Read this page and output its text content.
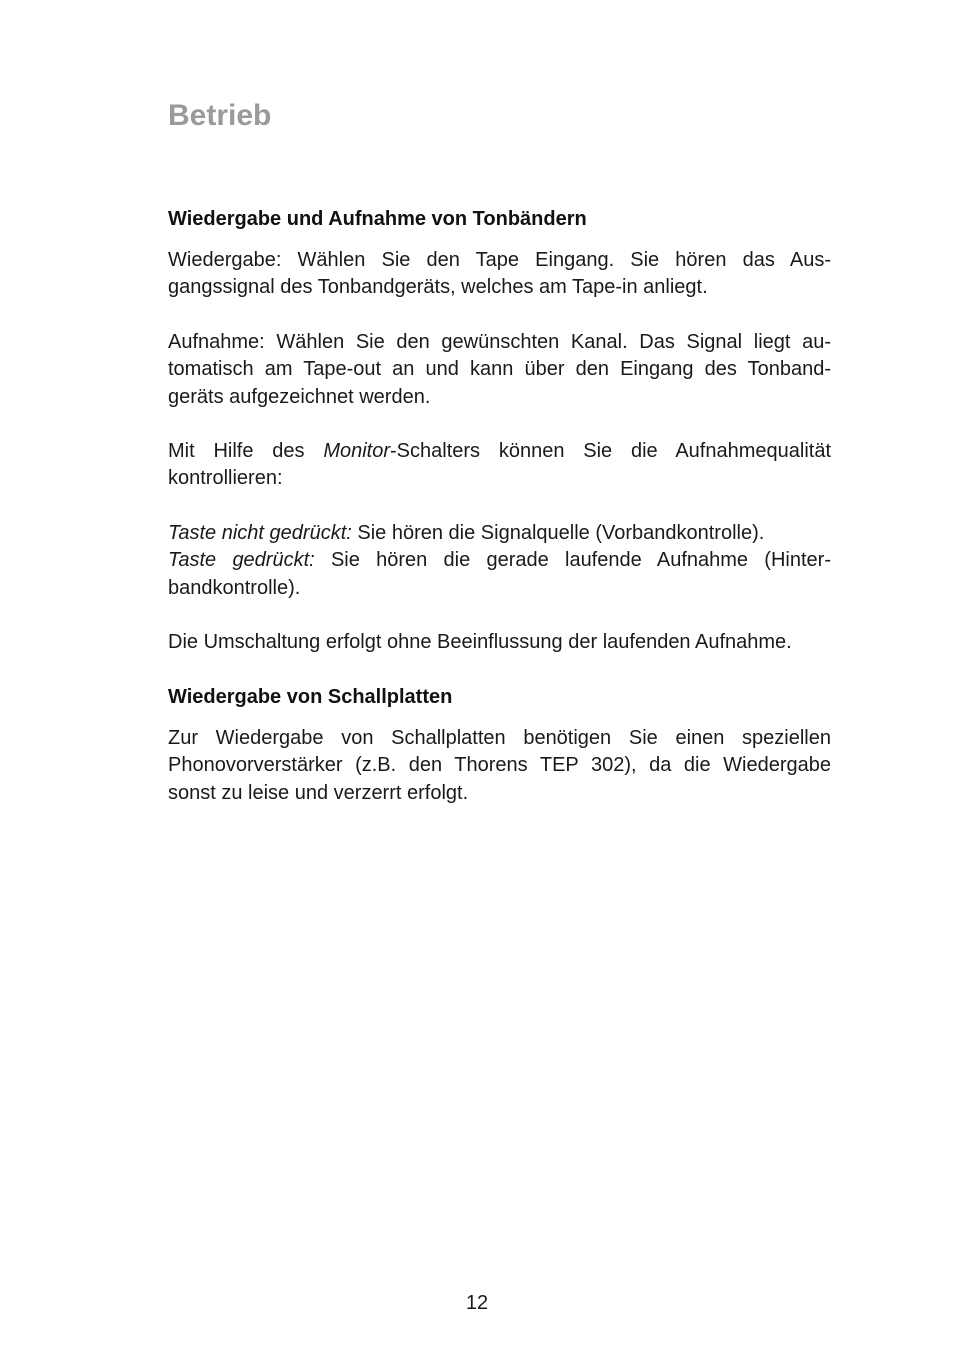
Betrieb
Wiedergabe und Aufnahme von Tonbändern

Wiedergabe: Wählen Sie den Tape Eingang. Sie hören das Aus-
gangssignal des Tonbandgeräts, welches am Tape-in anliegt.

Aufnahme: Wählen Sie den gewünschten Kanal. Das Signal liegt au-
tomatisch am Tape-out an und kann über den Eingang des Tonband-
geräts aufgezeichnet werden.

Mit Hilfe des Monitor-Schalters können Sie die Aufnahmequalität
kontrollieren:

Taste nicht gedrückt: Sie hören die Signalquelle (Vorbandkontrolle).
Taste gedrückt: Sie hören die gerade laufende Aufnahme (Hinter-
bandkontrolle).

Die Umschaltung erfolgt ohne Beeinflussung der laufenden Aufnahme.

Wiedergabe von Schallplatten

Zur Wiedergabe von Schallplatten benötigen Sie einen speziellen
Phonovorverstärker (z.B. den Thorens TEP 302), da die Wiedergabe
sonst zu leise und verzerrt erfolgt.

12
